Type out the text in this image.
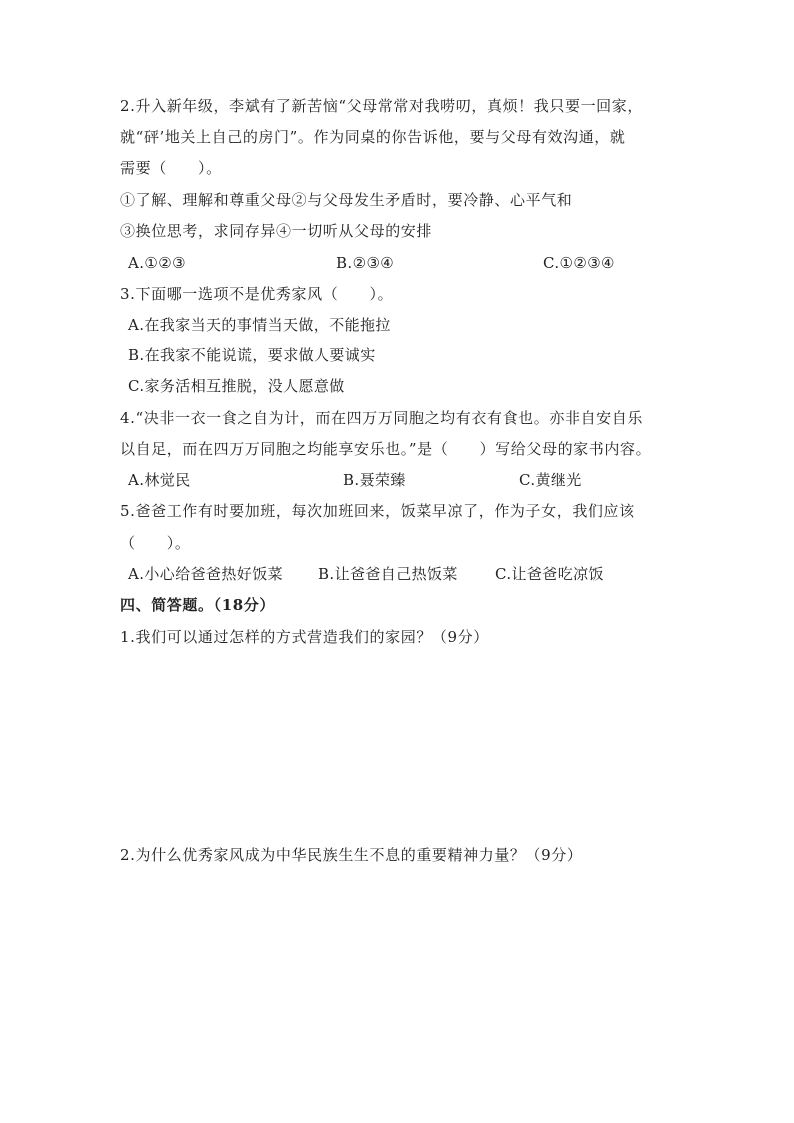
2.升入新年级，李斌有了新苦恼“父母常常对我唠叨，真烦！我只要一回家，
就“砰’地关上自己的房门”。作为同桌的你告诉他，要与父母有效沟通，就
需要（　　）。
①了解、理解和尊重父母②与父母发生矛盾时，要冷静、心平气和
③换位思考，求同存异④一切听从父母的安排
A.①②③	B.②③④	C.①②③④
3.下面哪一选项不是优秀家风（　　）。
A.在我家当天的事情当天做，不能拖拉
B.在我家不能说谎，要求做人要诚实
C.家务活相互推脱，没人愿意做
4.“决非一衣一食之自为计，而在四万万同胞之均有衣有食也。亦非自安自乐
以自足，而在四万万同胞之均能享安乐也。”是（　　）写给父母的家书内容。
A.林觉民	B.聂荣臻	C.黄继光
5.爸爸工作有时要加班，每次加班回来，饭菜早凉了，作为子女，我们应该
（　　）。
A.小心给爸爸热好饭菜 B.让爸爸自己热饭菜 C.让爸爸吃凉饭
四、简答题。（18分）
1.我们可以通过怎样的方式营造我们的家园？（9分）
2.为什么优秀家风成为中华民族生生不息的重要精神力量？（9分）
